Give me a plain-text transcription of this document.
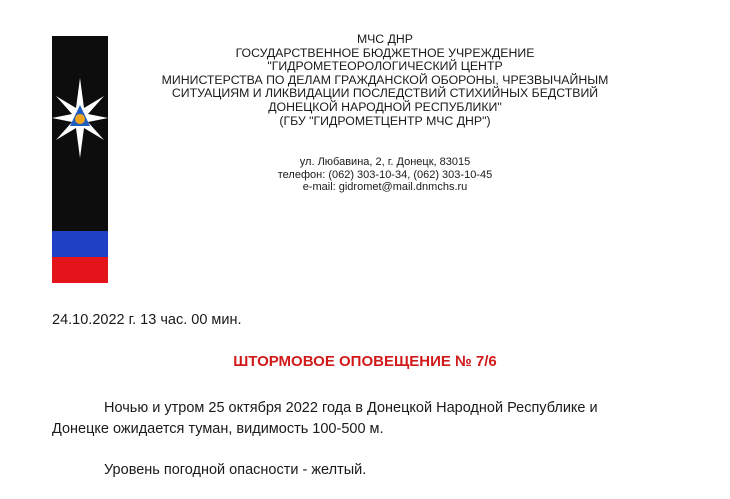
МЧС ДНР
ГОСУДАРСТВЕННОЕ БЮДЖЕТНОЕ УЧРЕЖДЕНИЕ
"ГИДРОМЕТЕОРОЛОГИЧЕСКИЙ ЦЕНТР
МИНИСТЕРСТВА ПО ДЕЛАМ ГРАЖДАНСКОЙ ОБОРОНЫ, ЧРЕЗВЫЧАЙНЫМ
СИТУАЦИЯМ И ЛИКВИДАЦИИ ПОСЛЕДСТВИЙ СТИХИЙНЫХ БЕДСТВИЙ
ДОНЕЦКОЙ НАРОДНОЙ РЕСПУБЛИКИ"
(ГБУ "ГИДРОМЕТЦЕНТР МЧС ДНР")
ул. Любавина, 2, г. Донецк, 83015
телефон: (062) 303-10-34, (062) 303-10-45
e-mail: gidromet@mail.dnmchs.ru
24.10.2022 г. 13 час. 00 мин.
ШТОРМОВОЕ ОПОВЕЩЕНИЕ № 7/6
Ночью и утром 25 октября 2022 года в Донецкой Народной Республике и
Донецке ожидается туман, видимость 100-500 м.
Уровень погодной опасности - желтый.
